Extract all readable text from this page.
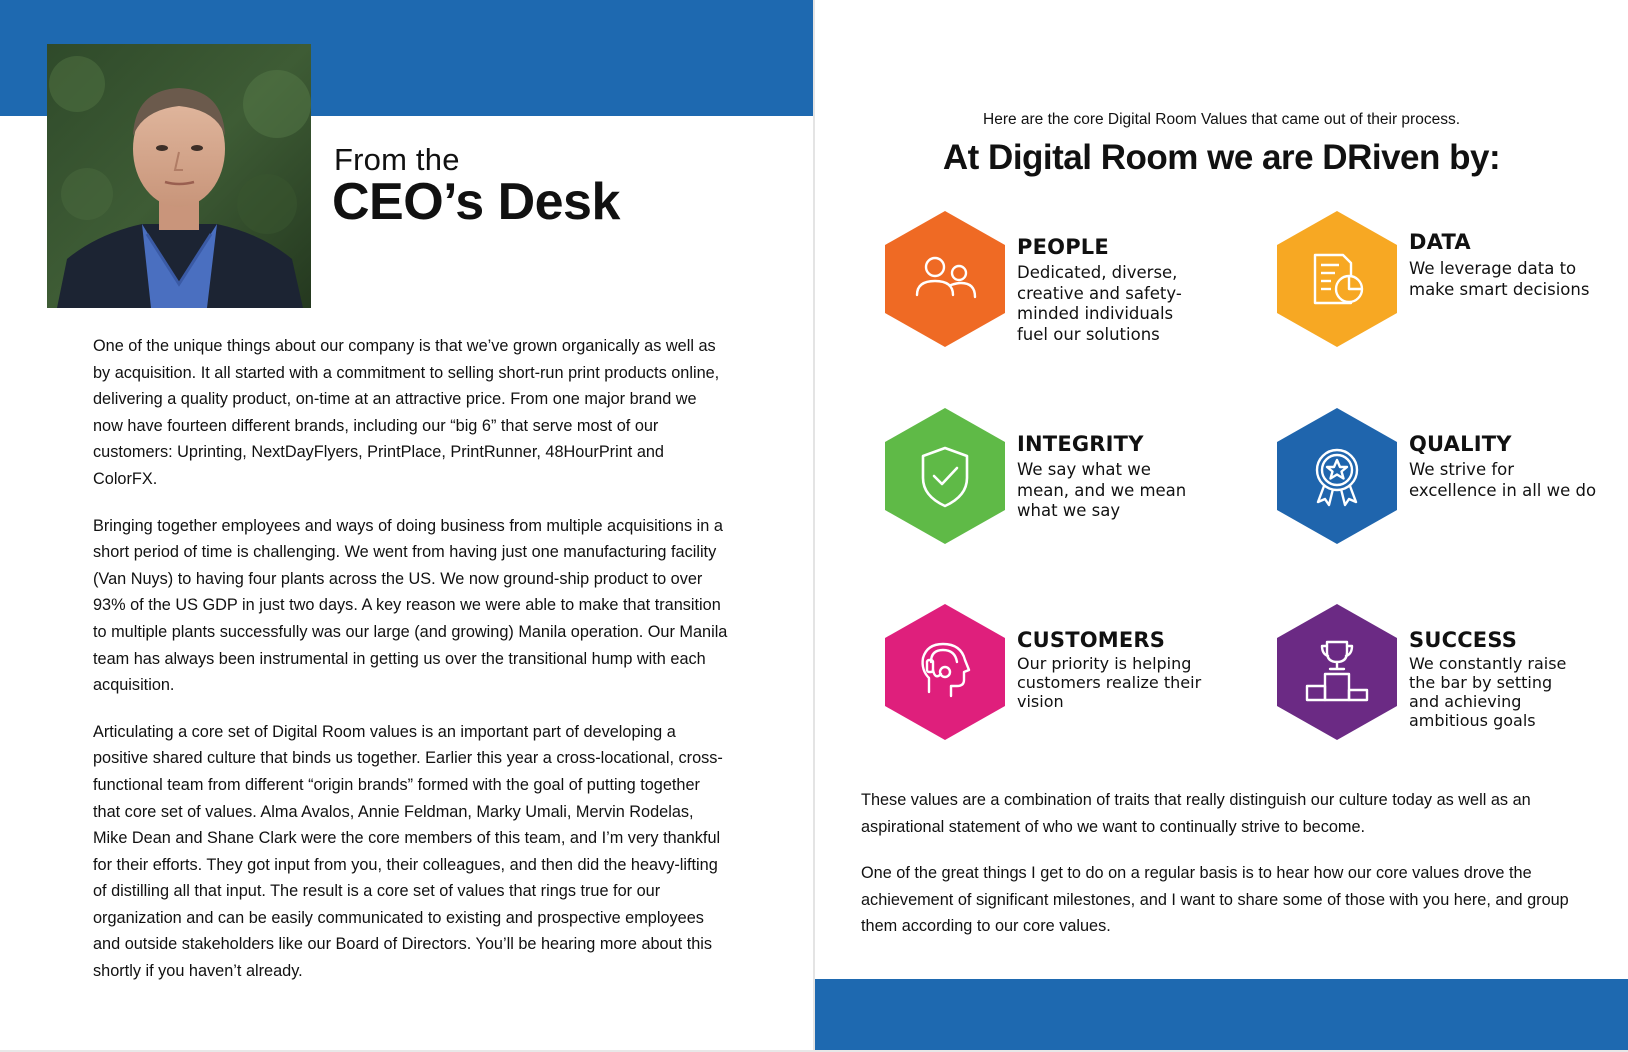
From the
CEO’s Desk

One of the unique things about our company is that we’ve grown organically as well as by acquisition. It all started with a commitment to selling short-run print products online, delivering a quality product, on-time at an attractive price. From one major brand we now have fourteen different brands, including our “big 6” that serve most of our customers: Uprinting, NextDayFlyers, PrintPlace, PrintRunner, 48HourPrint and ColorFX.

Bringing together employees and ways of doing business from multiple acquisitions in a short period of time is challenging. We went from having just one manufacturing facility (Van Nuys) to having four plants across the US. We now ground-ship product to over 93% of the US GDP in just two days. A key reason we were able to make that transition to multiple plants successfully was our large (and growing) Manila operation. Our Manila team has always been instrumental in getting us over the transitional hump with each acquisition.

Articulating a core set of Digital Room values is an important part of developing a positive shared culture that binds us together. Earlier this year a cross-locational, cross-functional team from different “origin brands” formed with the goal of putting together that core set of values. Alma Avalos, Annie Feldman, Marky Umali, Mervin Rodelas, Mike Dean and Shane Clark were the core members of this team, and I’m very thankful for their efforts. They got input from you, their colleagues, and then did the heavy-lifting of distilling all that input. The result is a core set of values that rings true for our organization and can be easily communicated to existing and prospective employees and outside stakeholders like our Board of Directors. You’ll be hearing more about this shortly if you haven’t already.

Here are the core Digital Room Values that came out of their process.
At Digital Room we are DRiven by:
PEOPLE
Dedicated, diverse, creative and safety-minded individuals fuel our solutions
DATA
We leverage data to make smart decisions
INTEGRITY
We say what we mean, and we mean what we say
QUALITY
We strive for excellence in all we do
CUSTOMERS
Our priority is helping customers realize their vision
SUCCESS
We constantly raise the bar by setting and achieving ambitious goals

These values are a combination of traits that really distinguish our culture today as well as an aspirational statement of who we want to continually strive to become.

One of the great things I get to do on a regular basis is to hear how our core values drove the achievement of significant milestones, and I want to share some of those with you here, and group them according to our core values.
